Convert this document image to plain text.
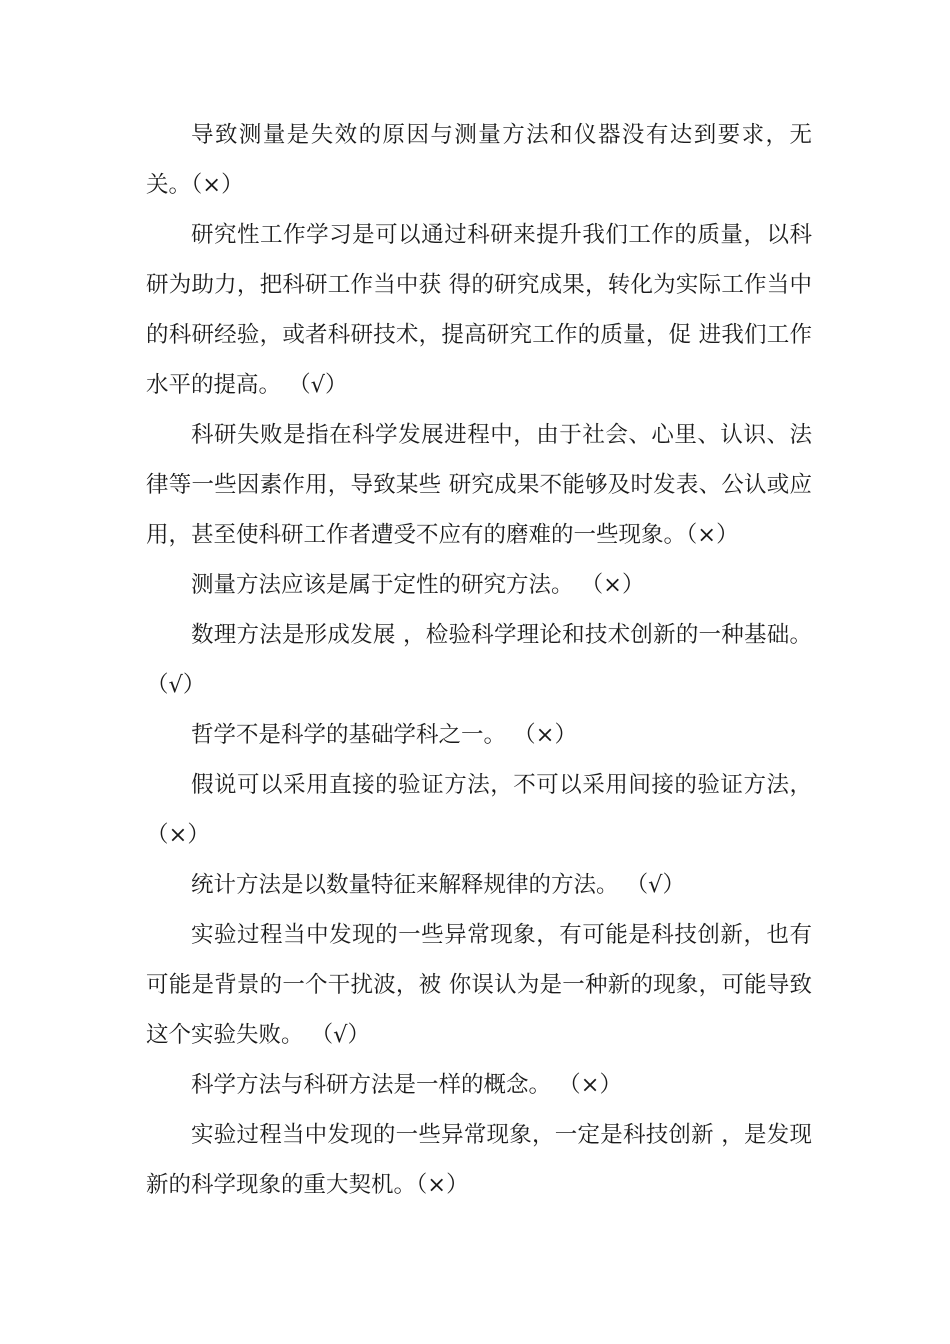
导致测量是失效的原因与测量方法和仪器没有达到要求，无关。（×）

研究性工作学习是可以通过科研来提升我们工作的质量，以科研为助力，把科研工作当中获 得的研究成果，转化为实际工作当中的科研经验，或者科研技术，提高研究工作的质量，促 进我们工作水平的提高。 （√）

科研失败是指在科学发展进程中，由于社会、心里、认识、法律等一些因素作用，导致某些 研究成果不能够及时发表、公认或应用，甚至使科研工作者遭受不应有的磨难的一些现象。（×）

测量方法应该是属于定性的研究方法。 （×）

数理方法是形成发展 ，检验科学理论和技术创新的一种基础。（√）

哲学不是科学的基础学科之一。 （×）

假说可以采用直接的验证方法，不可以采用间接的验证方法，（×）

统计方法是以数量特征来解释规律的方法。 （√）

实验过程当中发现的一些异常现象，有可能是科技创新，也有可能是背景的一个干扰波，被 你误认为是一种新的现象，可能导致这个实验失败。 （√）

科学方法与科研方法是一样的概念。 （×）

实验过程当中发现的一些异常现象，一定是科技创新 ，是发现新的科学现象的重大契机。（×）
